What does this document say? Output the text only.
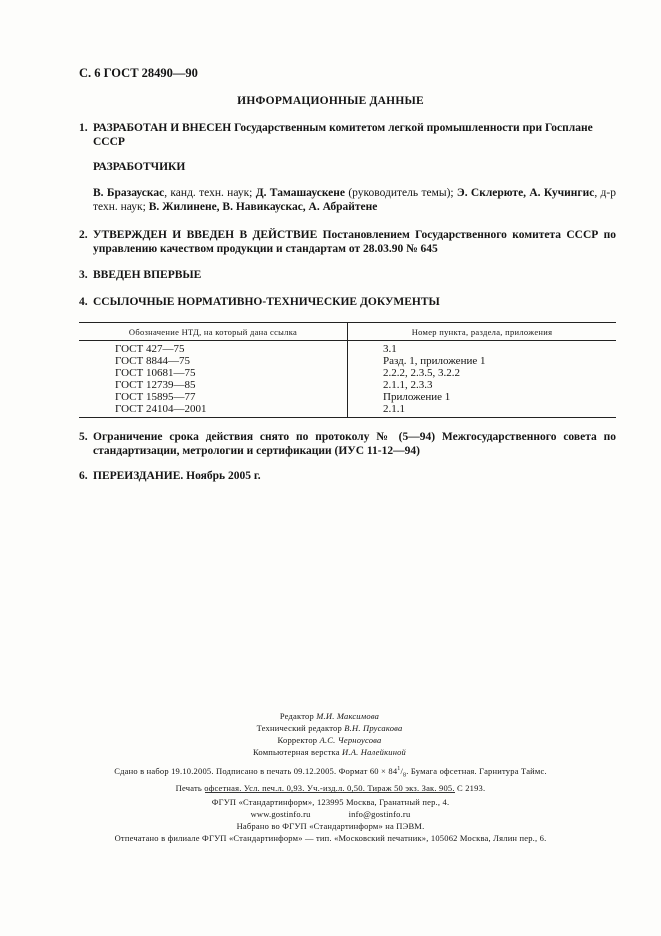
С. 6 ГОСТ 28490—90
ИНФОРМАЦИОННЫЕ ДАННЫЕ
1. РАЗРАБОТАН И ВНЕСЕН Государственным комитетом легкой промышленности при Госплане СССР
РАЗРАБОТЧИКИ
В. Бразаускас, канд. техн. наук; Д. Тамашаускене (руководитель темы); Э. Склерюте, А. Кучингис, д-р техн. наук; В. Жилинене, В. Навикаускас, А. Абрайтене
2. УТВЕРЖДЕН И ВВЕДЕН В ДЕЙСТВИЕ Постановлением Государственного комитета СССР по управлению качеством продукции и стандартам от 28.03.90 № 645
3. ВВЕДЕН ВПЕРВЫЕ
4. ССЫЛОЧНЫЕ НОРМАТИВНО-ТЕХНИЧЕСКИЕ ДОКУМЕНТЫ
Обозначение НТД, на который дана ссылка	Номер пункта, раздела, приложения
ГОСТ 427—75	3.1
ГОСТ 8844—75	Разд. 1, приложение 1
ГОСТ 10681—75	2.2.2, 2.3.5, 3.2.2
ГОСТ 12739—85	2.1.1, 2.3.3
ГОСТ 15895—77	Приложение 1
ГОСТ 24104—2001	2.1.1
5. Ограничение срока действия снято по протоколу № (5—94) Межгосударственного совета по стандартизации, метрологии и сертификации (ИУС 11-12—94)
6. ПЕРЕИЗДАНИЕ. Ноябрь 2005 г.
Редактор М.И. Максимова
Технический редактор В.Н. Прусакова
Корректор А.С. Черноусова
Компьютерная верстка И.А. Налейкиной
Сдано в набор 19.10.2005. Подписано в печать 09.12.2005. Формат $60 \times 84^1/_8$. Бумага офсетная. Гарнитура Таймс.
Печать офсетная. Усл. печ.л. 0,93. Уч.-изд.л. 0,50. Тираж 50 экз. Зак. 905. С 2193.
ФГУП «Стандартинформ», 123995 Москва, Гранатный пер., 4.
www.gostinfo.ru	info@gostinfo.ru
Набрано во ФГУП «Стандартинформ» на ПЭВМ.
Отпечатано в филиале ФГУП «Стандартинформ» — тип. «Московский печатник», 105062 Москва, Лялин пер., 6.
